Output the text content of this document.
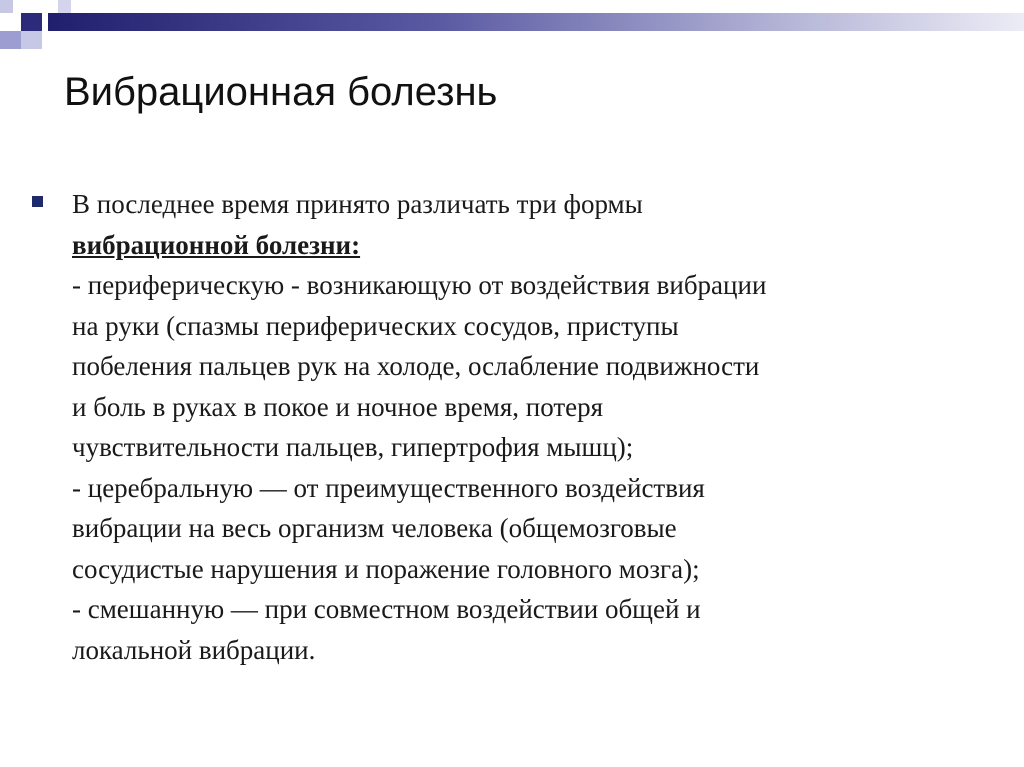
Вибрационная болезнь
В последнее время принято различать три формы
вибрационной болезни:
- периферическую - возникающую от воздействия вибрации
на руки (спазмы периферических сосудов, приступы
побеления пальцев рук на холоде, ослабление подвижности
и боль в руках в покое и ночное время, потеря
чувствительности пальцев, гипертрофия мышц);
- церебральную — от преимущественного воздействия
вибрации на весь организм человека (общемозговые
сосудистые нарушения и поражение головного мозга);
- смешанную — при совместном воздействии общей и
локальной вибрации.
